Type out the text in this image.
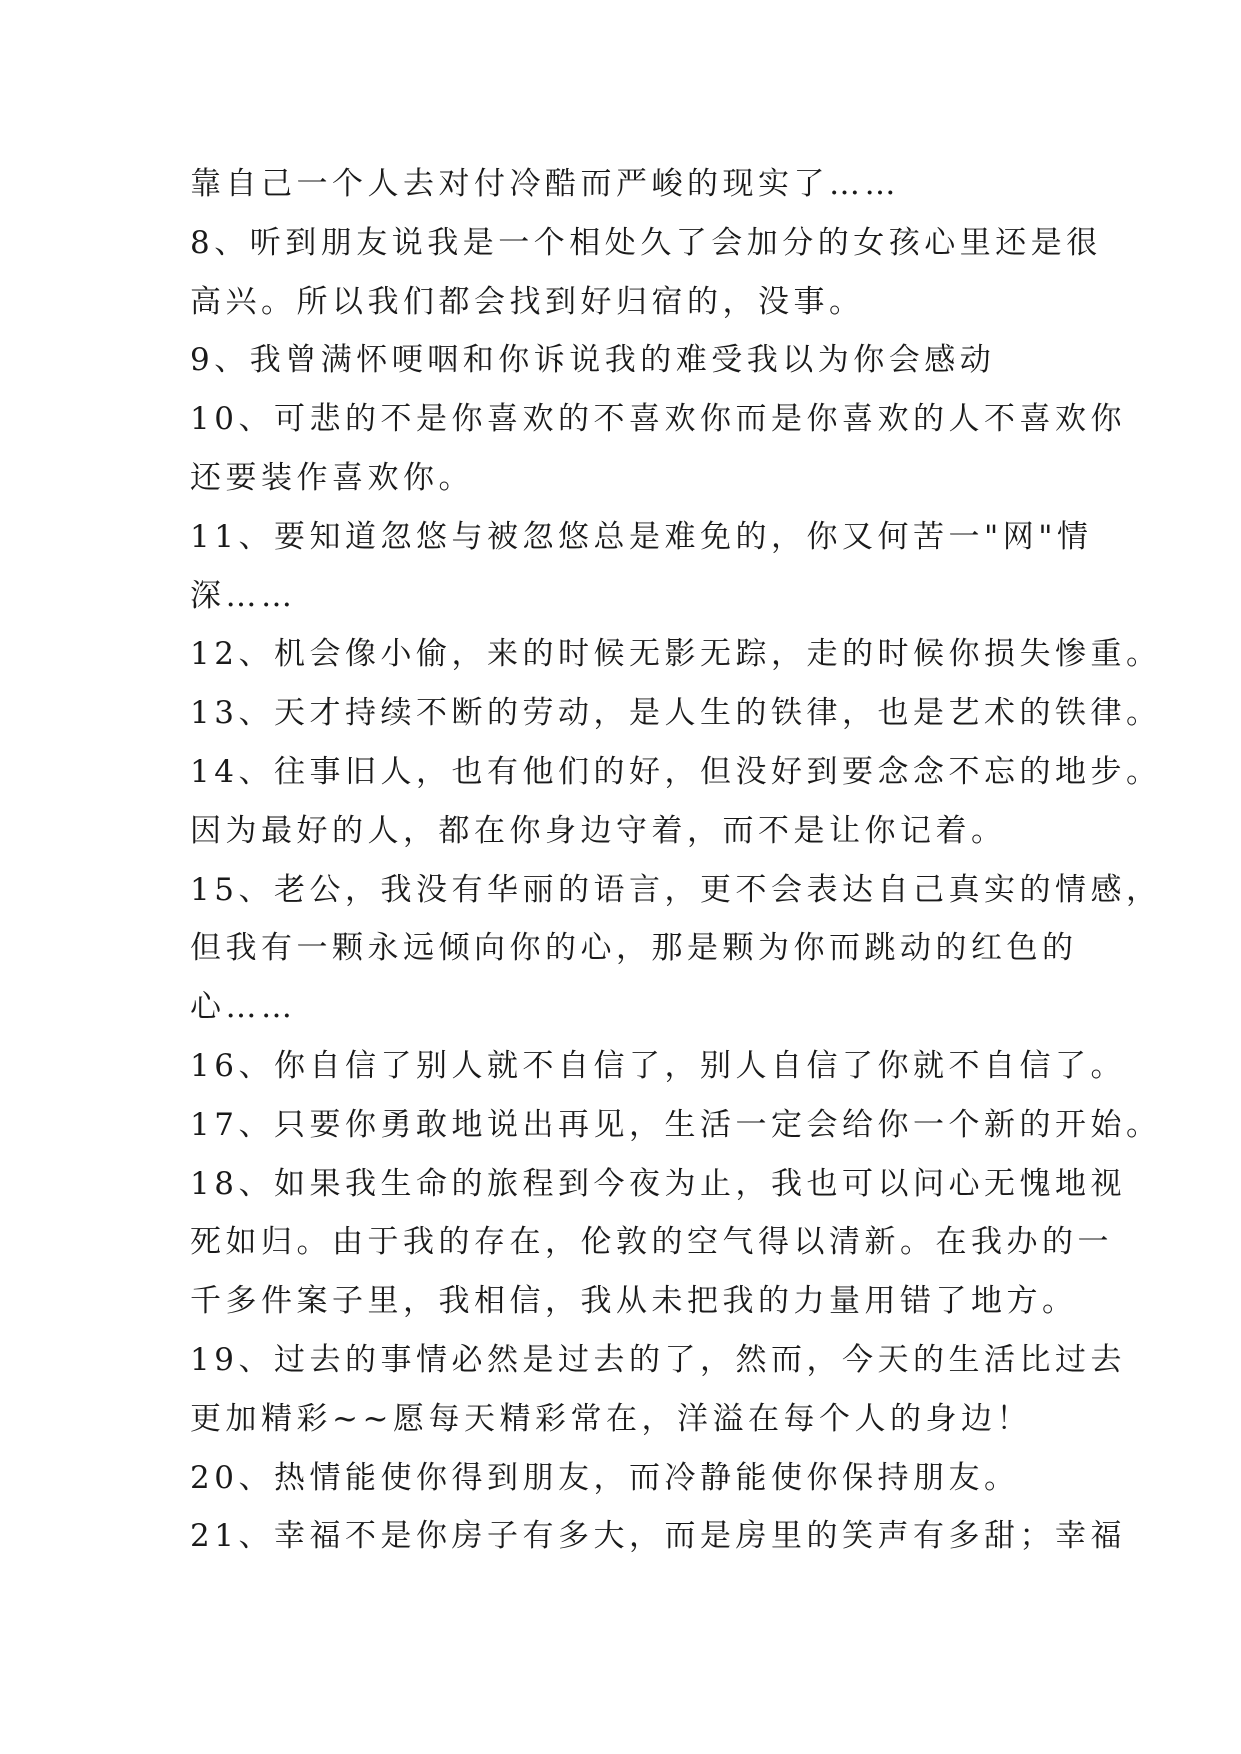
靠自己一个人去对付冷酷而严峻的现实了……
8、听到朋友说我是一个相处久了会加分的女孩心里还是很
高兴。所以我们都会找到好归宿的，没事。
9、我曾满怀哽咽和你诉说我的难受我以为你会感动
10、可悲的不是你喜欢的不喜欢你而是你喜欢的人不喜欢你
还要装作喜欢你。
11、要知道忽悠与被忽悠总是难免的，你又何苦一"网"情
深……
12、机会像小偷，来的时候无影无踪，走的时候你损失惨重。
13、天才持续不断的劳动，是人生的铁律，也是艺术的铁律。
14、往事旧人，也有他们的好，但没好到要念念不忘的地步。
因为最好的人，都在你身边守着，而不是让你记着。
15、老公，我没有华丽的语言，更不会表达自己真实的情感，
但我有一颗永远倾向你的心，那是颗为你而跳动的红色的
心……
16、你自信了别人就不自信了，别人自信了你就不自信了。
17、只要你勇敢地说出再见，生活一定会给你一个新的开始。
18、如果我生命的旅程到今夜为止，我也可以问心无愧地视
死如归。由于我的存在，伦敦的空气得以清新。在我办的一
千多件案子里，我相信，我从未把我的力量用错了地方。
19、过去的事情必然是过去的了，然而，今天的生活比过去
更加精彩~~愿每天精彩常在，洋溢在每个人的身边！
20、热情能使你得到朋友，而冷静能使你保持朋友。
21、幸福不是你房子有多大，而是房里的笑声有多甜；幸福
